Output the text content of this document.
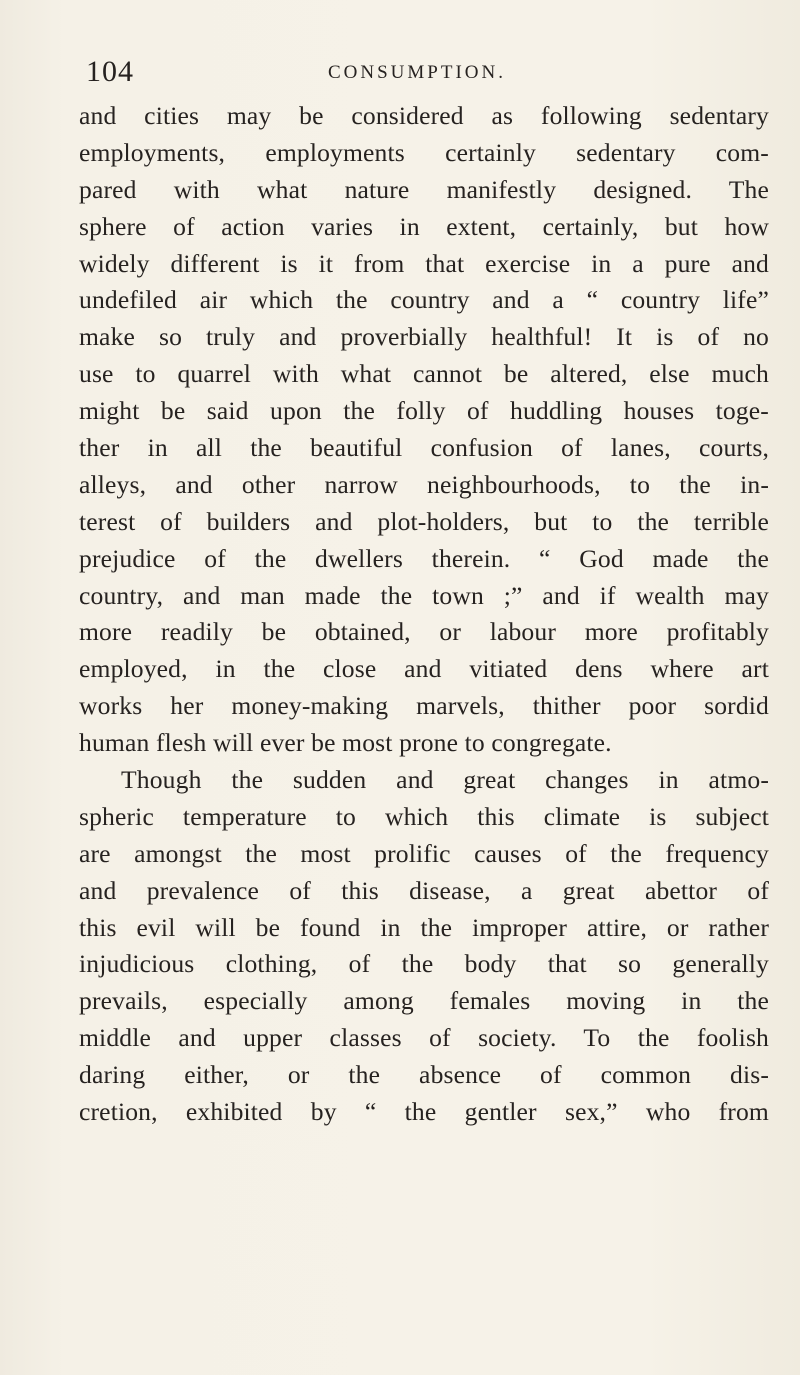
104	CONSUMPTION.
and cities may be considered as following sedentary
employments, employments certainly sedentary com-
pared with what nature manifestly designed. The
sphere of action varies in extent, certainly, but how
widely different is it from that exercise in a pure and
undefiled air which the country and a “ country life”
make so truly and proverbially healthful! It is of no
use to quarrel with what cannot be altered, else much
might be said upon the folly of huddling houses toge-
ther in all the beautiful confusion of lanes, courts,
alleys, and other narrow neighbourhoods, to the in-
terest of builders and plot-holders, but to the terrible
prejudice of the dwellers therein. “ God made the
country, and man made the town ;” and if wealth may
more readily be obtained, or labour more profitably
employed, in the close and vitiated dens where art
works her money-making marvels, thither poor sordid
human flesh will ever be most prone to congregate.
Though the sudden and great changes in atmo-
spheric temperature to which this climate is subject
are amongst the most prolific causes of the frequency
and prevalence of this disease, a great abettor of
this evil will be found in the improper attire, or rather
injudicious clothing, of the body that so generally
prevails, especially among females moving in the
middle and upper classes of society. To the foolish
daring either, or the absence of common dis-
cretion, exhibited by “ the gentler sex,” who from
